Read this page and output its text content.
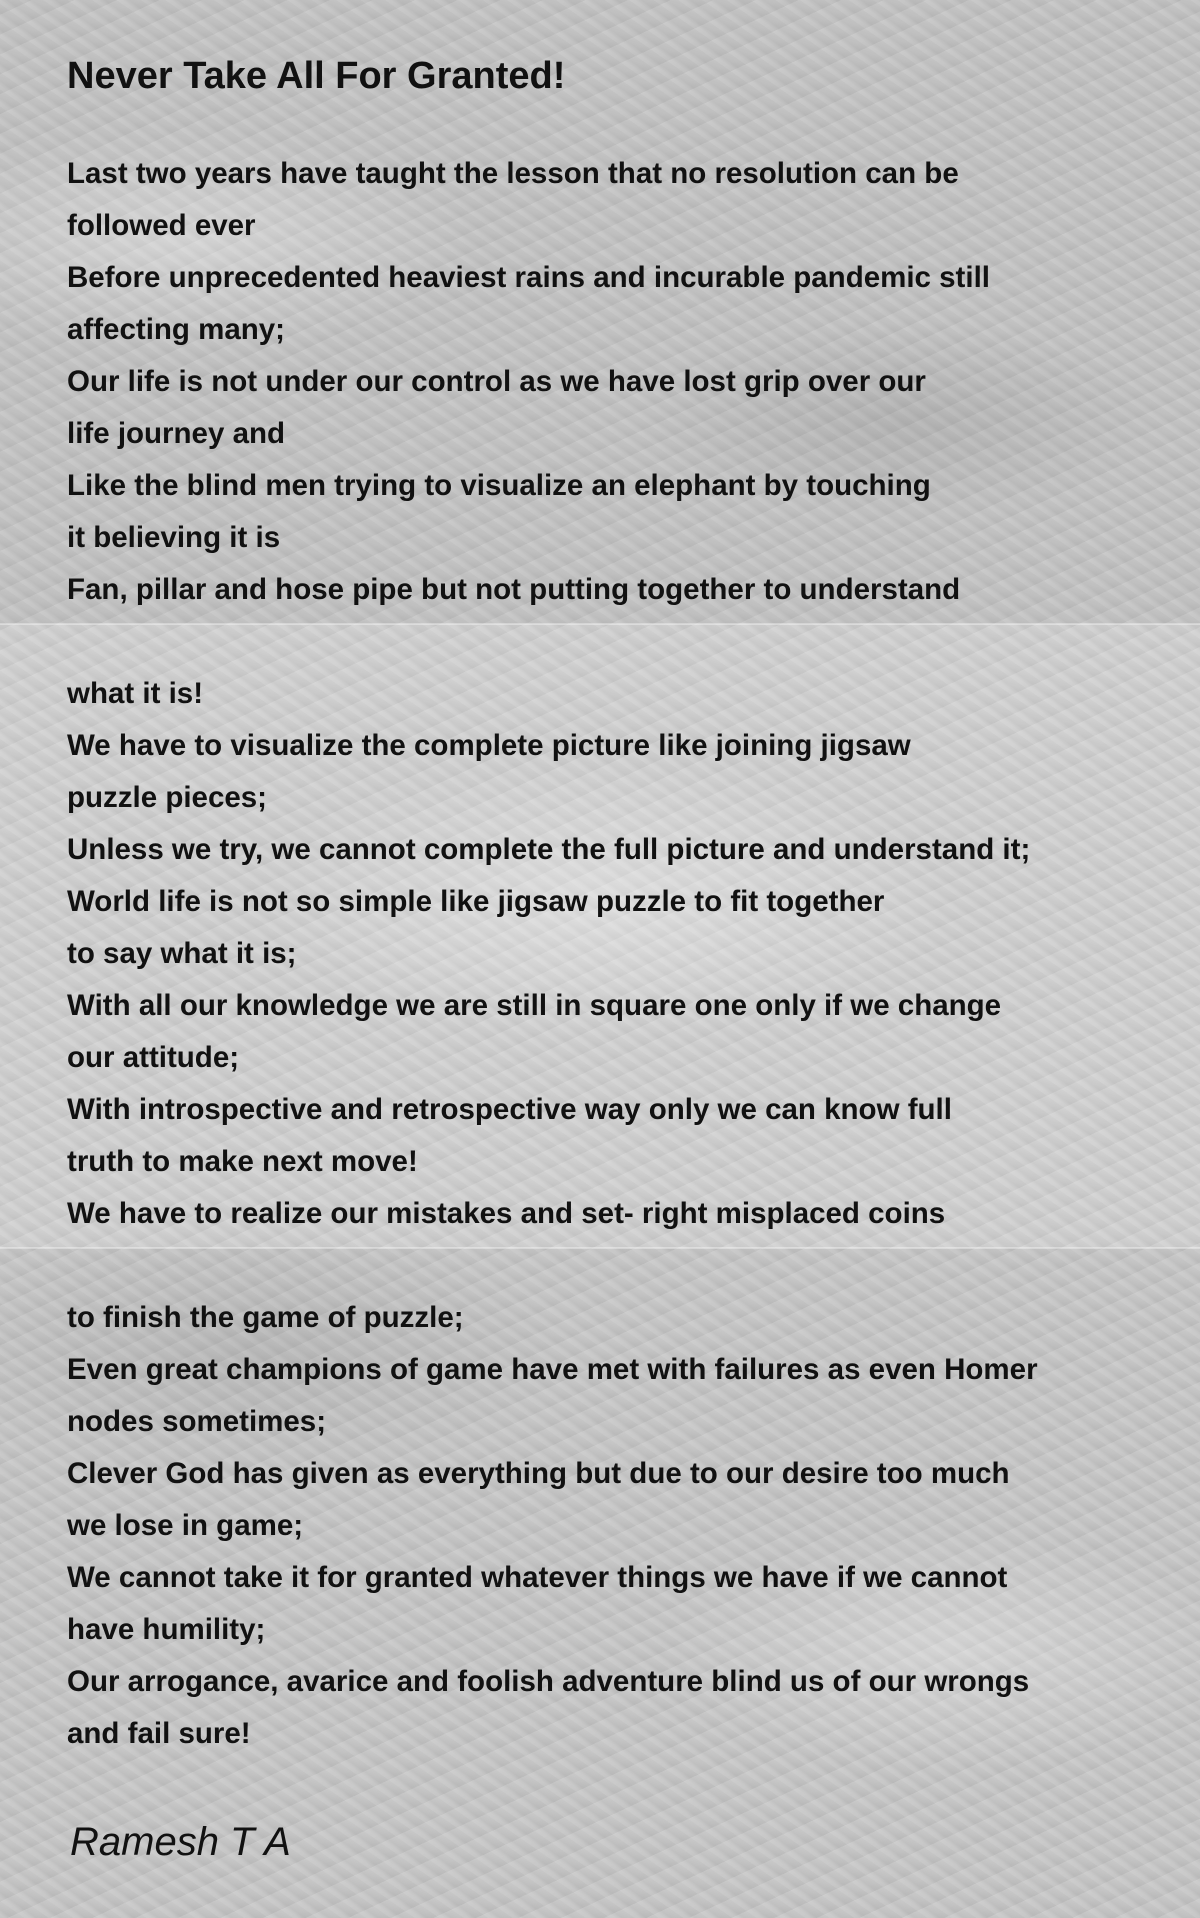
Never Take All For Granted!
Last two years have taught the lesson that no resolution can be
followed ever
Before unprecedented heaviest rains and incurable pandemic still
affecting many;
Our life is not under our control as we have lost grip over our
life journey and
Like the blind men trying to visualize an elephant by touching
it believing it is
Fan, pillar and hose pipe but not putting together to understand
what it is!
We have to visualize the complete picture like joining jigsaw
puzzle pieces;
Unless we try, we cannot complete the full picture and understand it;
World life is not so simple like jigsaw puzzle to fit together
to say what it is;
With all our knowledge we are still in square one only if we change
our attitude;
With introspective and retrospective way only we can know full
truth to make next move!
We have to realize our mistakes and set- right misplaced coins
to finish the game of puzzle;
Even great champions of game have met with failures as even Homer
nodes sometimes;
Clever God has given as everything but due to our desire too much
we lose in game;
We cannot take it for granted whatever things we have if we cannot
have humility;
Our arrogance, avarice and foolish adventure blind us of our wrongs
and fail sure!
Ramesh T A
